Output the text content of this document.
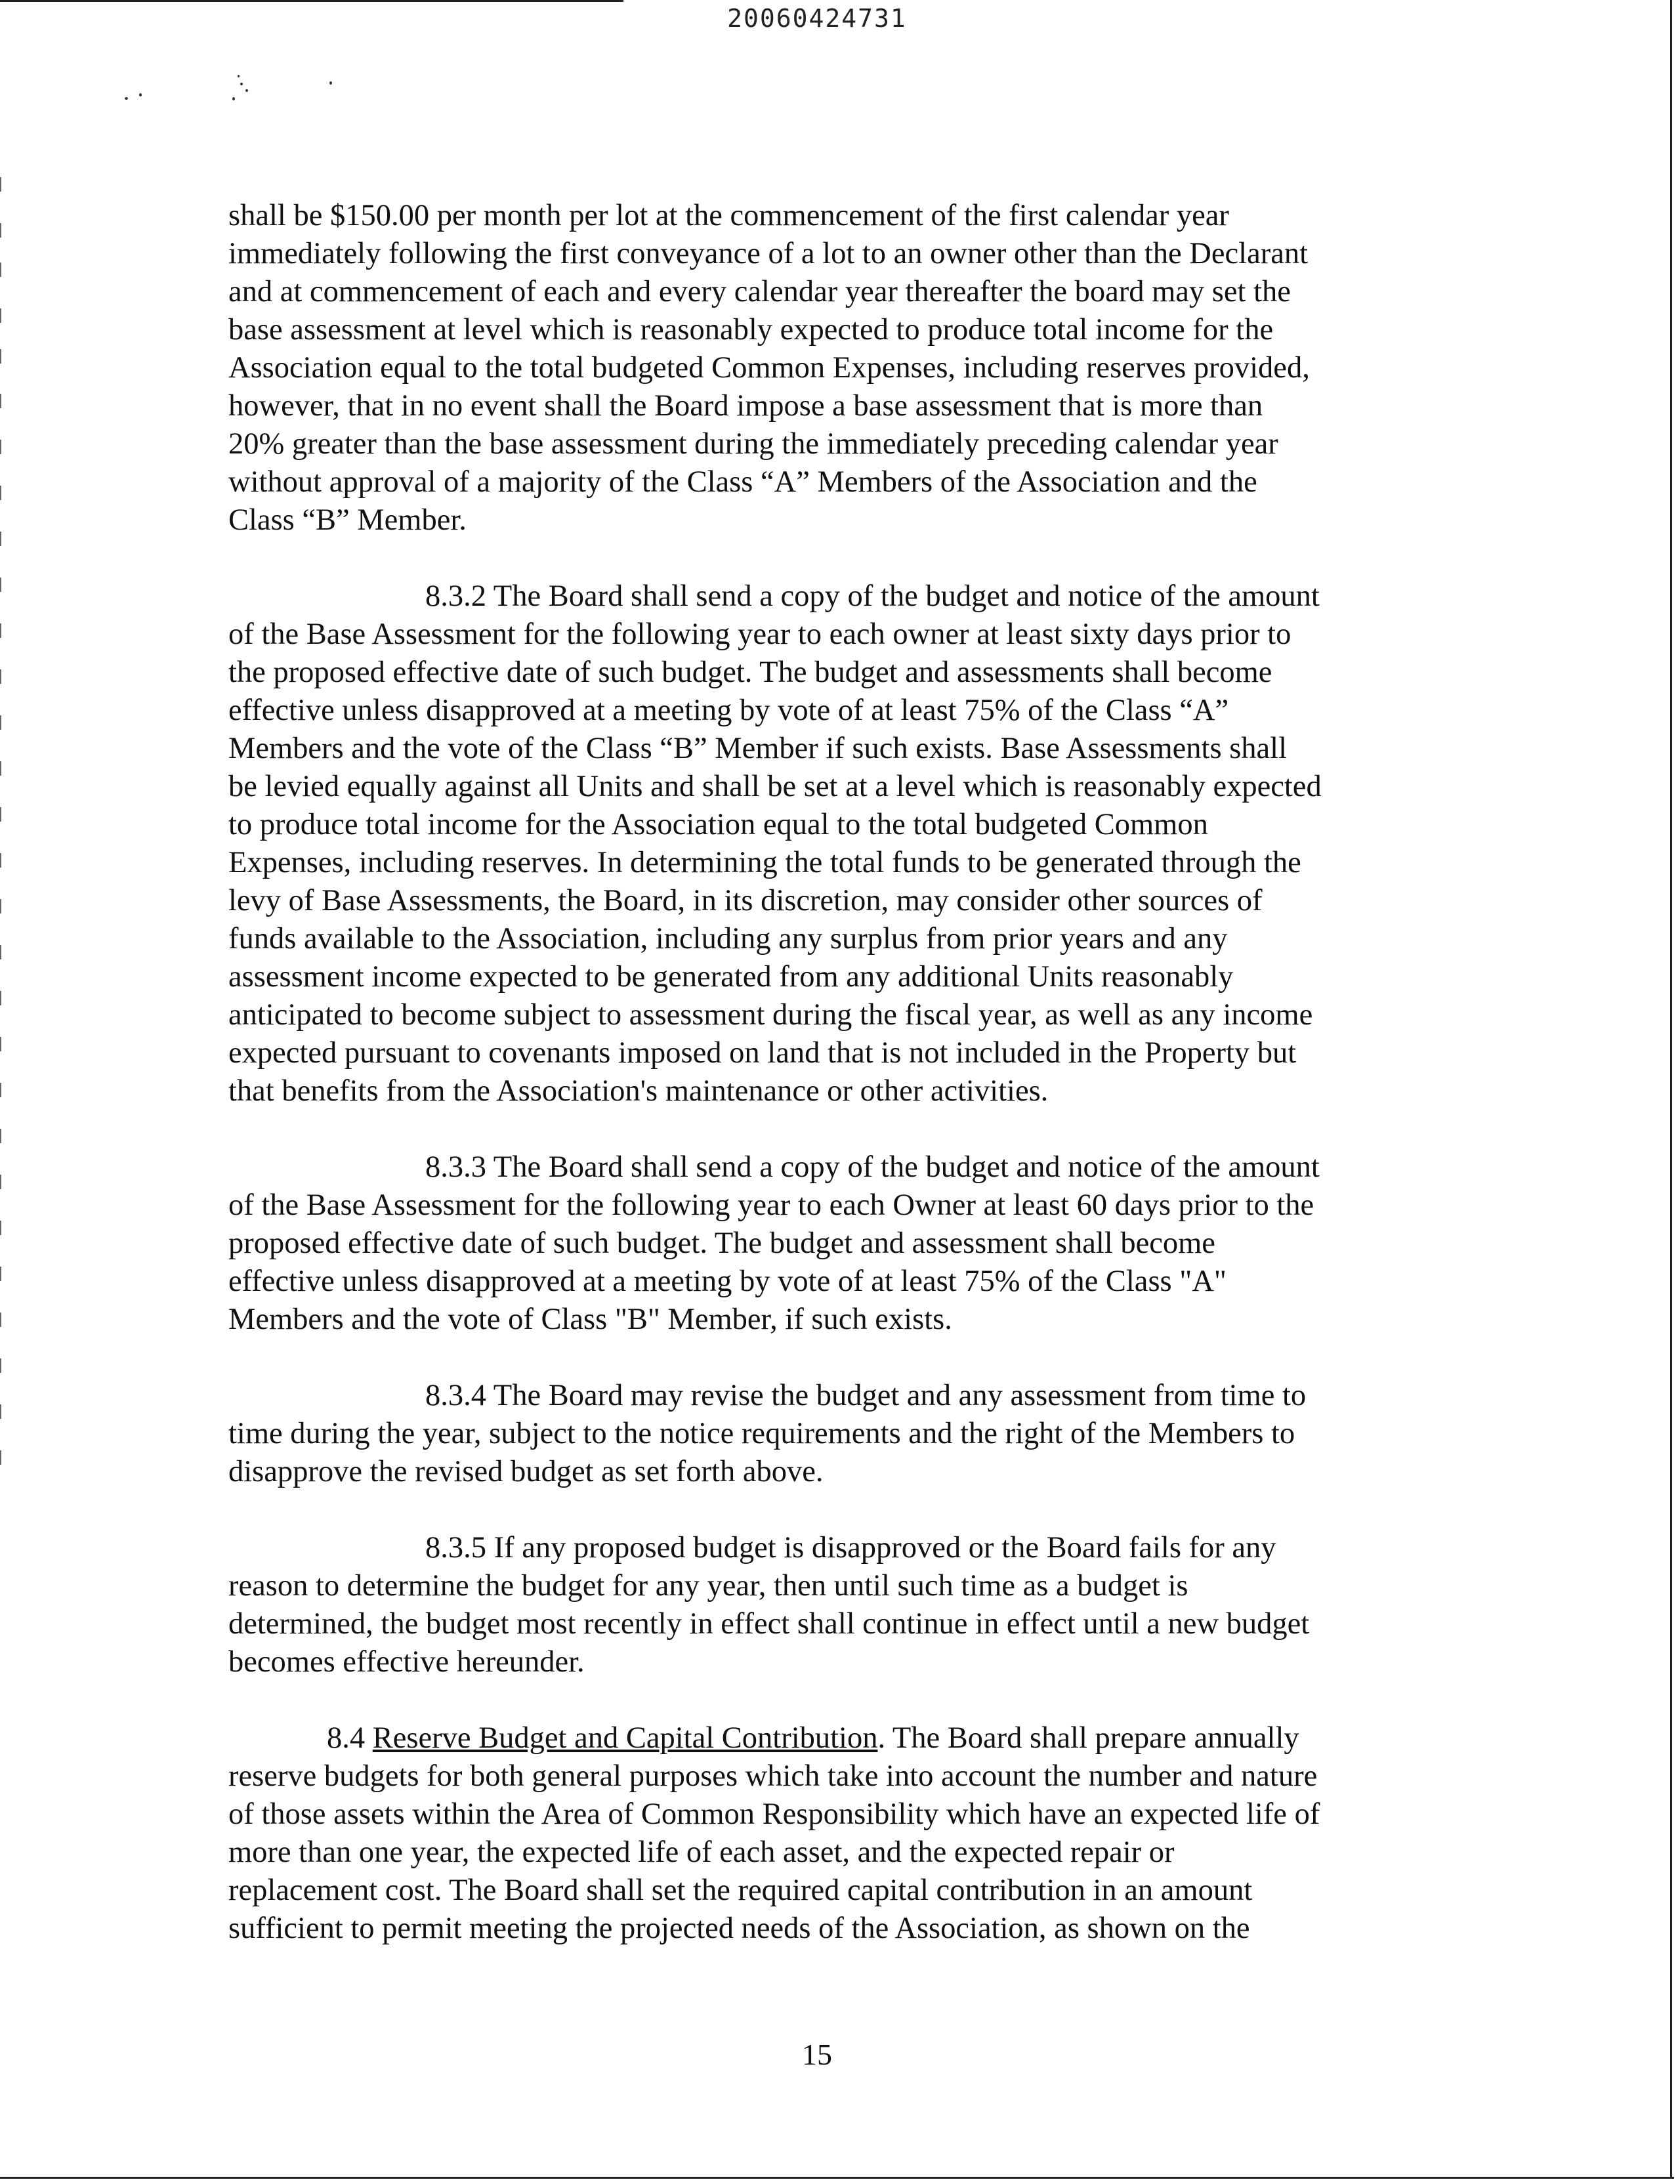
20060424731

shall be $150.00 per month per lot at the commencement of the first calendar year
immediately following the first conveyance of a lot to an owner other than the Declarant
and at commencement of each and every calendar year thereafter the board may set the
base assessment at level which is reasonably expected to produce total income for the
Association equal to the total budgeted Common Expenses, including reserves provided,
however, that in no event shall the Board impose a base assessment that is more than
20% greater than the base assessment during the immediately preceding calendar year
without approval of a majority of the Class “A” Members of the Association and the
Class “B” Member.

8.3.2 The Board shall send a copy of the budget and notice of the amount
of the Base Assessment for the following year to each owner at least sixty days prior to
the proposed effective date of such budget. The budget and assessments shall become
effective unless disapproved at a meeting by vote of at least 75% of the Class “A”
Members and the vote of the Class “B” Member if such exists. Base Assessments shall
be levied equally against all Units and shall be set at a level which is reasonably expected
to produce total income for the Association equal to the total budgeted Common
Expenses, including reserves. In determining the total funds to be generated through the
levy of Base Assessments, the Board, in its discretion, may consider other sources of
funds available to the Association, including any surplus from prior years and any
assessment income expected to be generated from any additional Units reasonably
anticipated to become subject to assessment during the fiscal year, as well as any income
expected pursuant to covenants imposed on land that is not included in the Property but
that benefits from the Association's maintenance or other activities.

8.3.3 The Board shall send a copy of the budget and notice of the amount
of the Base Assessment for the following year to each Owner at least 60 days prior to the
proposed effective date of such budget. The budget and assessment shall become
effective unless disapproved at a meeting by vote of at least 75% of the Class "A"
Members and the vote of Class "B" Member, if such exists.

8.3.4 The Board may revise the budget and any assessment from time to
time during the year, subject to the notice requirements and the right of the Members to
disapprove the revised budget as set forth above.

8.3.5 If any proposed budget is disapproved or the Board fails for any
reason to determine the budget for any year, then until such time as a budget is
determined, the budget most recently in effect shall continue in effect until a new budget
becomes effective hereunder.

8.4 Reserve Budget and Capital Contribution. The Board shall prepare annually
reserve budgets for both general purposes which take into account the number and nature
of those assets within the Area of Common Responsibility which have an expected life of
more than one year, the expected life of each asset, and the expected repair or
replacement cost. The Board shall set the required capital contribution in an amount
sufficient to permit meeting the projected needs of the Association, as shown on the

15
